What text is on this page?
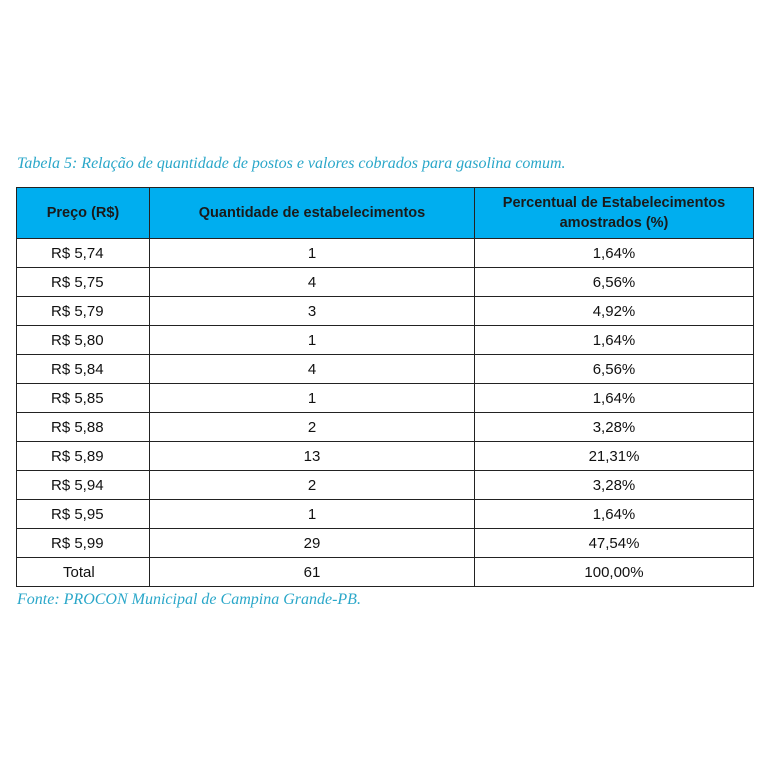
Tabela 5: Relação de quantidade de postos e valores cobrados para gasolina comum.
Preço (R$)	Quantidade de estabelecimentos	Percentual de Estabelecimentos amostrados (%)
R$ 5,74	1	1,64%
R$ 5,75	4	6,56%
R$ 5,79	3	4,92%
R$ 5,80	1	1,64%
R$ 5,84	4	6,56%
R$ 5,85	1	1,64%
R$ 5,88	2	3,28%
R$ 5,89	13	21,31%
R$ 5,94	2	3,28%
R$ 5,95	1	1,64%
R$ 5,99	29	47,54%
Total	61	100,00%
Fonte: PROCON Municipal de Campina Grande-PB.
